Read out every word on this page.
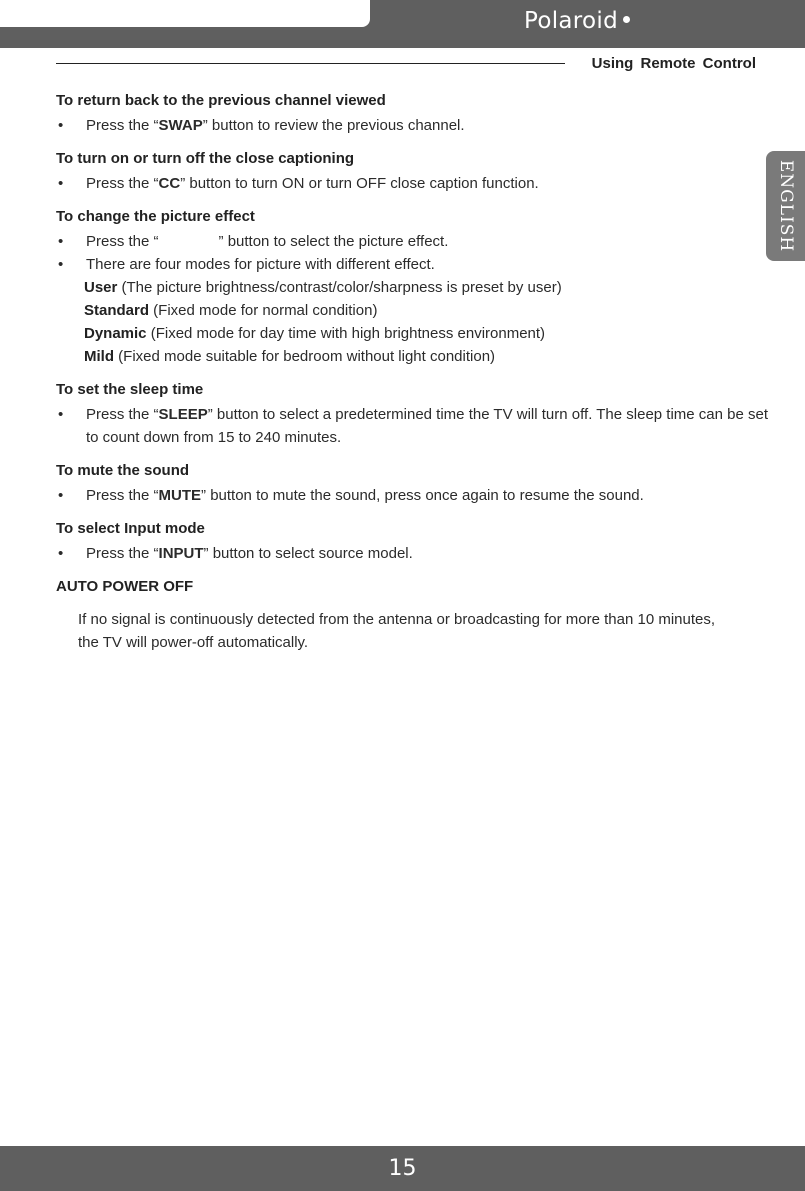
Polaroid
Using Remote Control
ENGLISH
To return back to the previous channel viewed
•	Press the “SWAP” button to review the previous channel.
To turn on or turn off the close captioning
•	Press the “CC” button to turn ON or turn OFF close caption function.
To change the picture effect
•	Press the “	” button to select the picture effect.
•	There are four modes for picture with different effect.
User (The picture brightness/contrast/color/sharpness is preset by user)
Standard (Fixed mode for normal condition)
Dynamic (Fixed mode for day time with high brightness environment)
Mild (Fixed mode suitable for bedroom without light condition)
To set the sleep time
•	Press the “SLEEP” button to select a predetermined time the TV will turn off. The sleep time can be set to count down from 15 to 240 minutes.
To mute the sound
•	Press the “MUTE” button to mute the sound, press once again to resume the sound.
To select Input mode
•	Press the “INPUT” button to select source model.
AUTO POWER OFF
If no signal is continuously detected from the antenna or broadcasting for more than 10 minutes, the TV will power-off automatically.
15
